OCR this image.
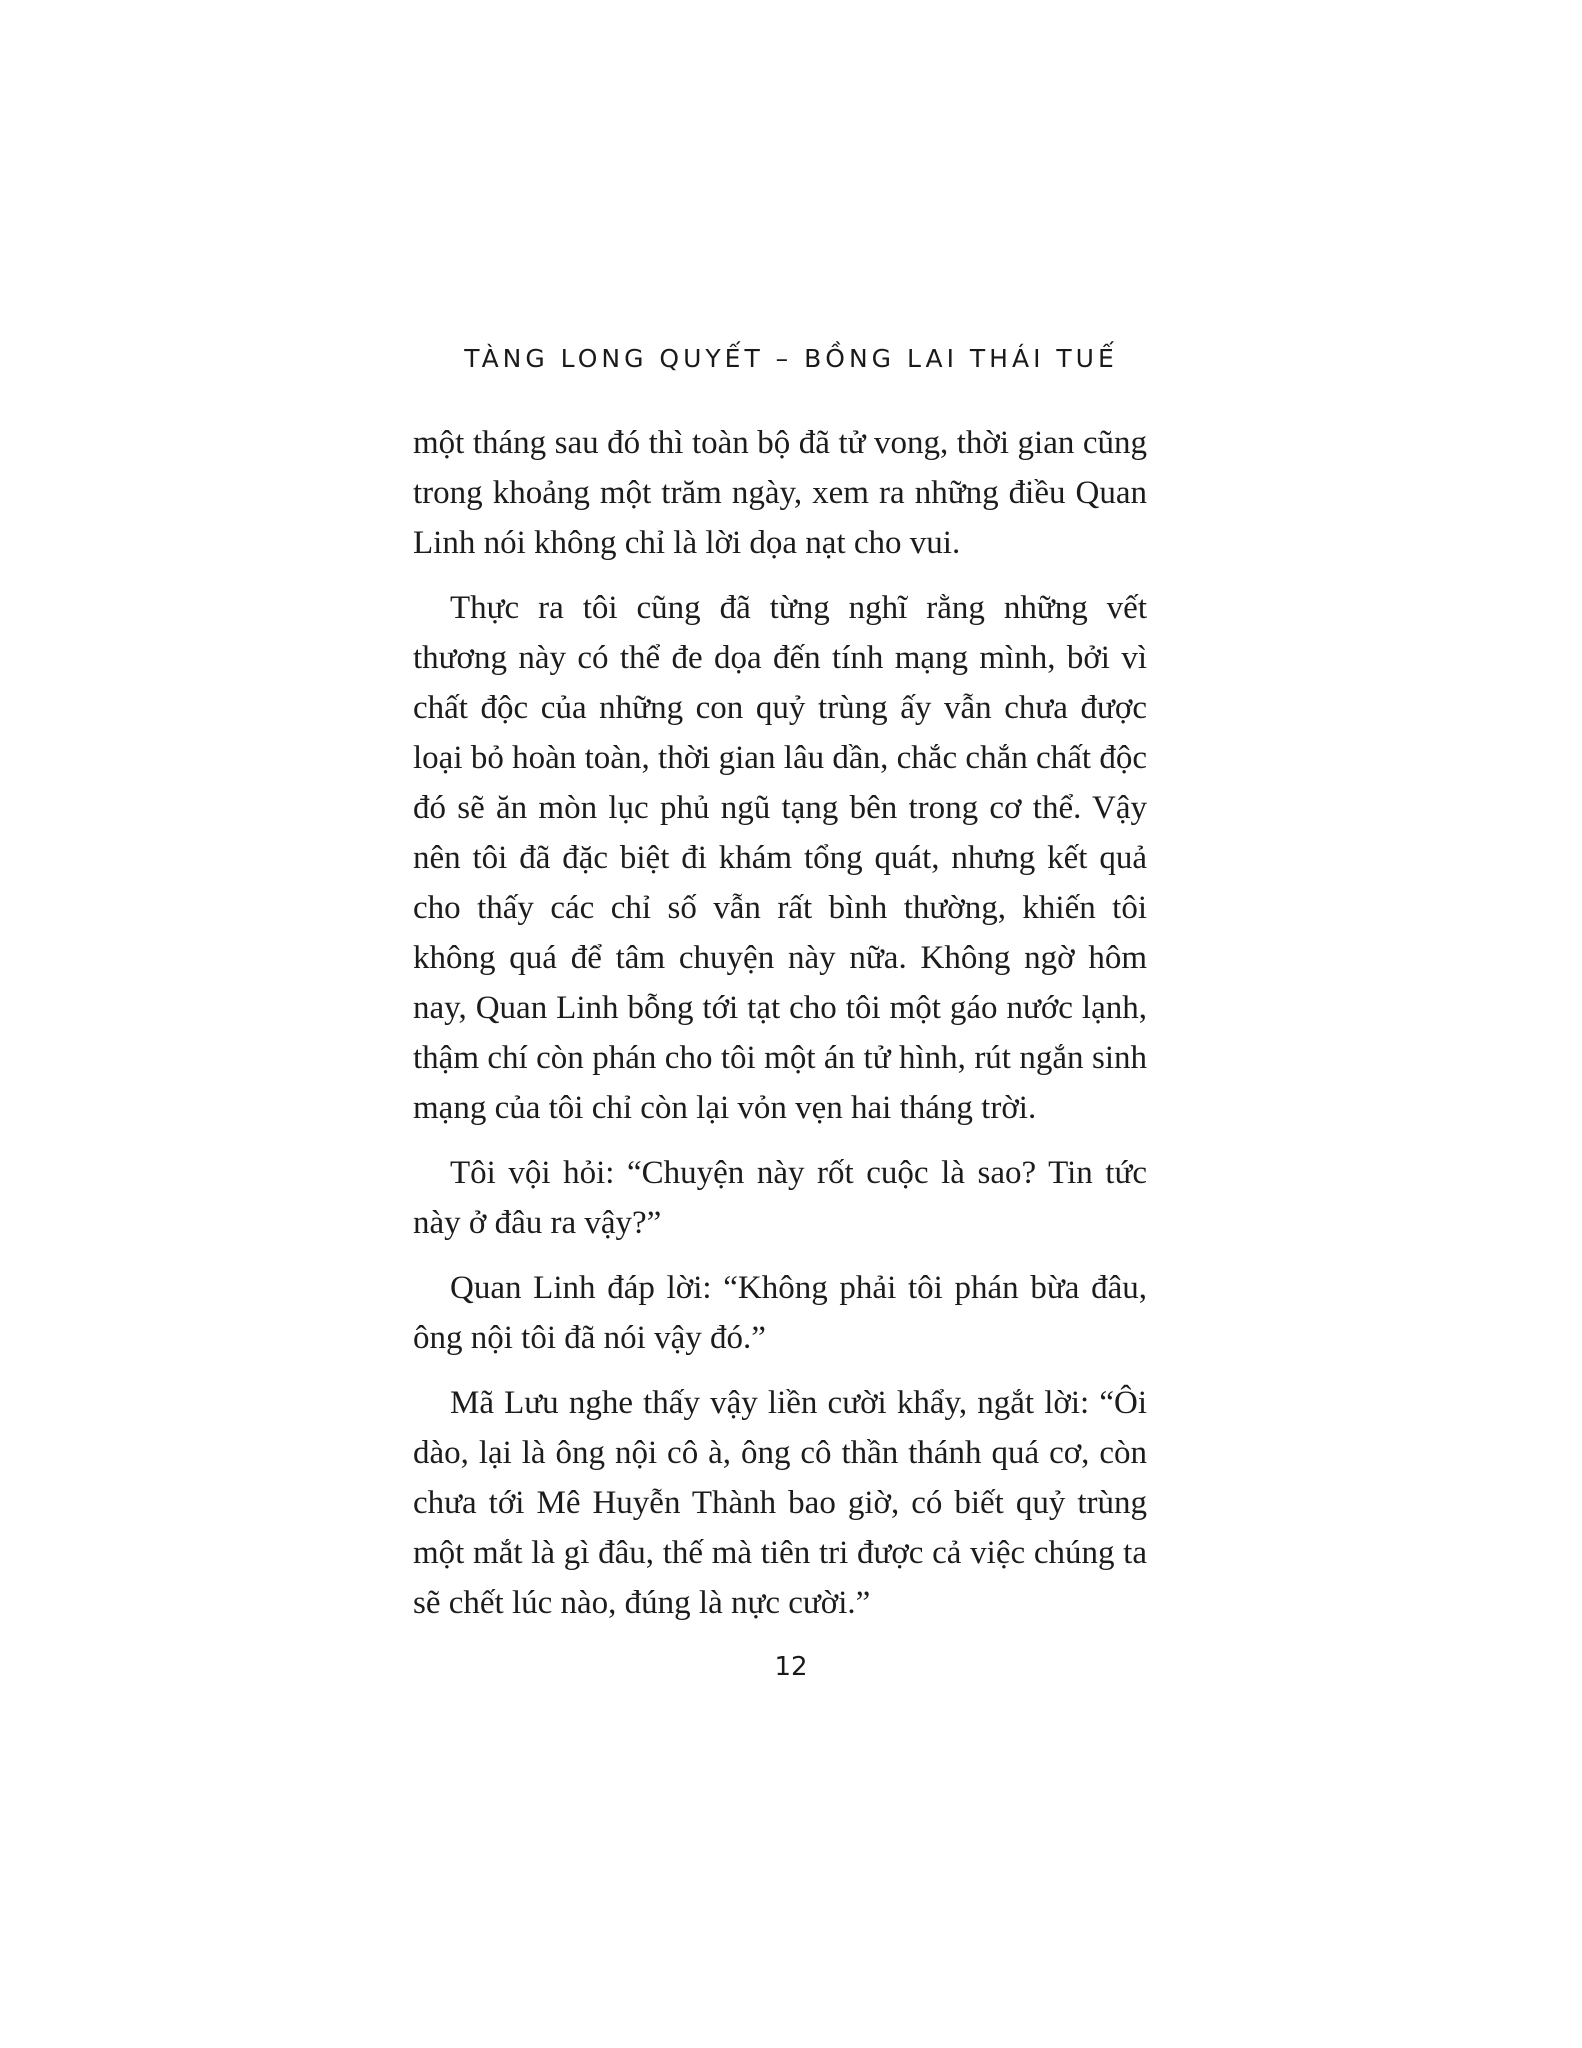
TÀNG LONG QUYẾT – BỒNG LAI THÁI TUẾ

một tháng sau đó thì toàn bộ đã tử vong, thời gian cũng trong khoảng một trăm ngày, xem ra những điều Quan Linh nói không chỉ là lời dọa nạt cho vui.

Thực ra tôi cũng đã từng nghĩ rằng những vết thương này có thể đe dọa đến tính mạng mình, bởi vì chất độc của những con quỷ trùng ấy vẫn chưa được loại bỏ hoàn toàn, thời gian lâu dần, chắc chắn chất độc đó sẽ ăn mòn lục phủ ngũ tạng bên trong cơ thể. Vậy nên tôi đã đặc biệt đi khám tổng quát, nhưng kết quả cho thấy các chỉ số vẫn rất bình thường, khiến tôi không quá để tâm chuyện này nữa. Không ngờ hôm nay, Quan Linh bỗng tới tạt cho tôi một gáo nước lạnh, thậm chí còn phán cho tôi một án tử hình, rút ngắn sinh mạng của tôi chỉ còn lại vỏn vẹn hai tháng trời.

Tôi vội hỏi: “Chuyện này rốt cuộc là sao? Tin tức này ở đâu ra vậy?”

Quan Linh đáp lời: “Không phải tôi phán bừa đâu, ông nội tôi đã nói vậy đó.”

Mã Lưu nghe thấy vậy liền cười khẩy, ngắt lời: “Ôi dào, lại là ông nội cô à, ông cô thần thánh quá cơ, còn chưa tới Mê Huyễn Thành bao giờ, có biết quỷ trùng một mắt là gì đâu, thế mà tiên tri được cả việc chúng ta sẽ chết lúc nào, đúng là nực cười.”

12
